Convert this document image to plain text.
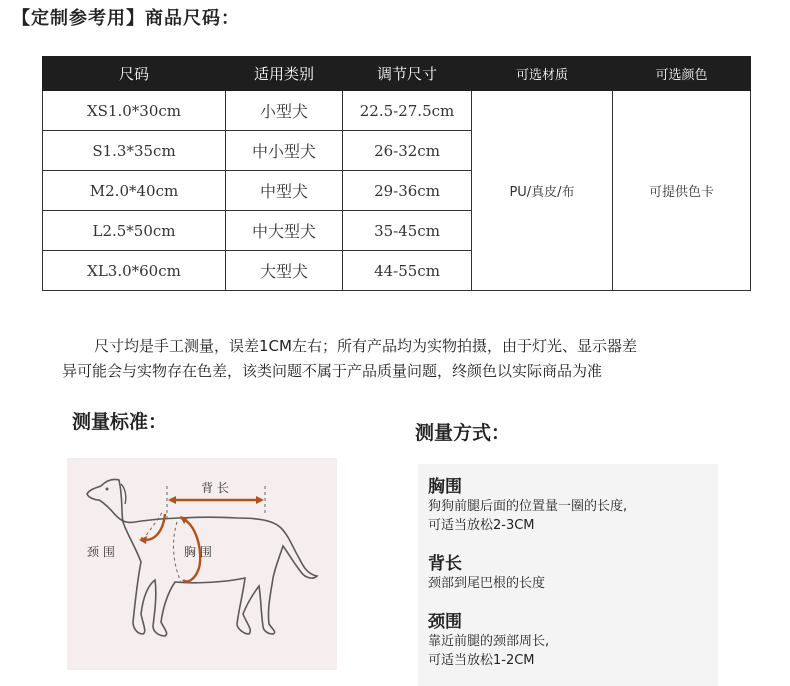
【定制参考用】商品尺码：
尺码	适用类别	调节尺寸	可选材质	可选颜色
XS1.0*30cm	小型犬	22.5-27.5cm	PU/真皮/布	可提供色卡
S1.3*35cm	中小型犬	26-32cm		
M2.0*40cm	中型犬	29-36cm		
L2.5*50cm	中大型犬	35-45cm		
XL3.0*60cm	大型犬	44-55cm		

尺寸均是手工测量，误差1CM左右；所有产品均为实物拍摄，由于灯光、显示器差

异可能会与实物存在色差，该类问题不属于产品质量问题，终颜色以实际商品为准

测量标准：	测量方式：
背 长
颈 围	胸 围
胸围
狗狗前腿后面的位置量一圈的长度,
可适当放松2-3CM
背长
颈部到尾巴根的长度
颈围
靠近前腿的颈部周长,
可适当放松1-2CM
